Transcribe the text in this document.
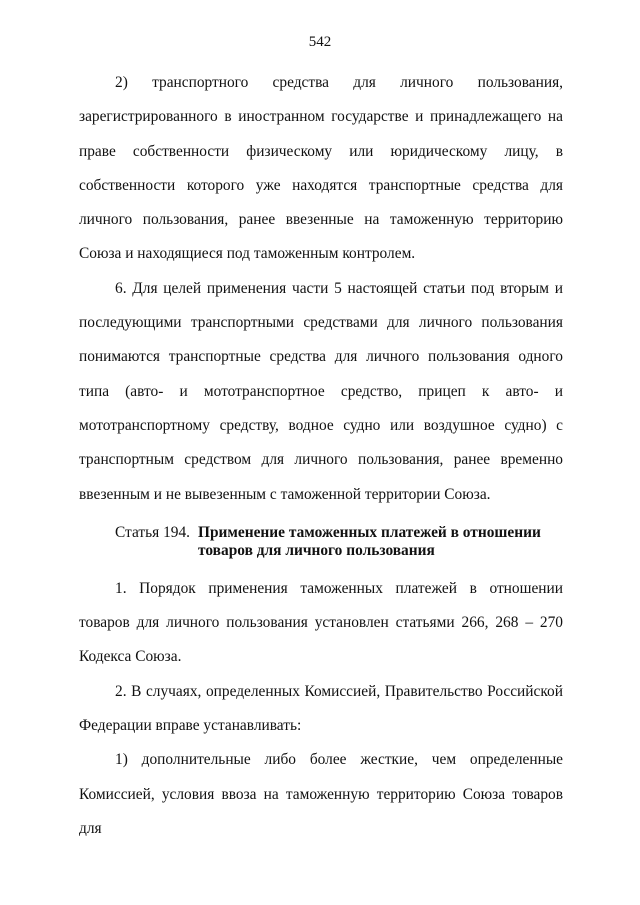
542

2) транспортного средства для личного пользования, зарегистрированного в иностранном государстве и принадлежащего на праве собственности физическому или юридическому лицу, в собственности которого уже находятся транспортные средства для личного пользования, ранее ввезенные на таможенную территорию Союза и находящиеся под таможенным контролем.

6. Для целей применения части 5 настоящей статьи под вторым и последующими транспортными средствами для личного пользования понимаются транспортные средства для личного пользования одного типа (авто- и мототранспортное средство, прицеп к авто- и мототранспортному средству, водное судно или воздушное судно) с транспортным средством для личного пользования, ранее временно ввезенным и не вывезенным с таможенной территории Союза.

Статья 194. Применение таможенных платежей в отношении товаров для личного пользования

1. Порядок применения таможенных платежей в отношении товаров для личного пользования установлен статьями 266, 268 – 270 Кодекса Союза.

2. В случаях, определенных Комиссией, Правительство Российской Федерации вправе устанавливать:

1) дополнительные либо более жесткие, чем определенные Комиссией, условия ввоза на таможенную территорию Союза товаров для
